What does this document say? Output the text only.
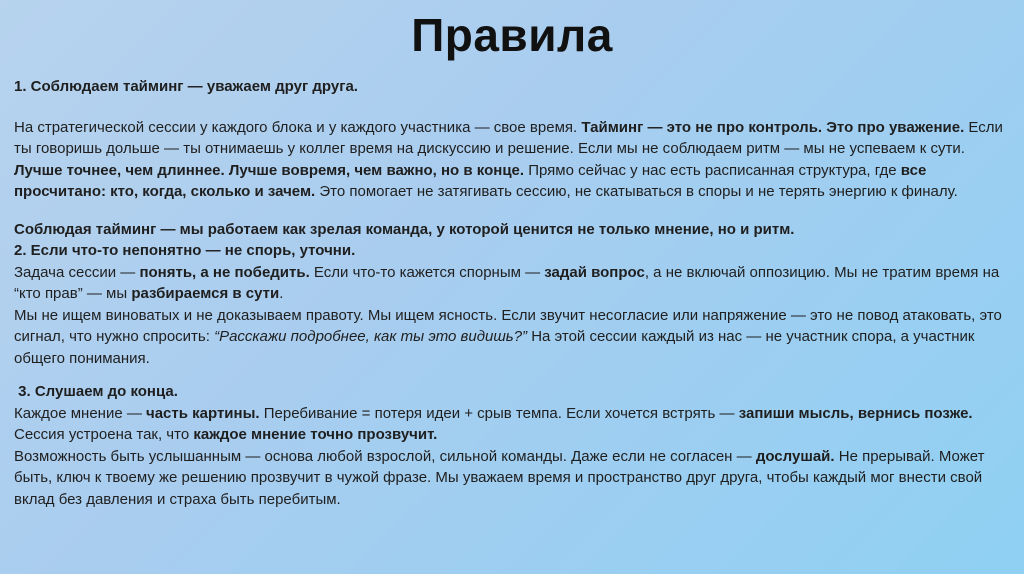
Правила

1. Соблюдаем тайминг — уважаем друг друга.

На стратегической сессии у каждого блока и у каждого участника — свое время. Тайминг — это не про контроль. Это про уважение. Если ты говоришь дольше — ты отнимаешь у коллег время на дискуссию и решение. Если мы не соблюдаем ритм — мы не успеваем к сути. Лучше точнее, чем длиннее. Лучше вовремя, чем важно, но в конце. Прямо сейчас у нас есть расписанная структура, где все просчитано: кто, когда, сколько и зачем. Это помогает не затягивать сессию, не скатываться в споры и не терять энергию к финалу.

Соблюдая тайминг — мы работаем как зрелая команда, у которой ценится не только мнение, но и ритм.

2. Если что-то непонятно — не спорь, уточни.

Задача сессии — понять, а не победить. Если что-то кажется спорным — задай вопрос, а не включай оппозицию. Мы не тратим время на “кто прав” — мы разбираемся в сути.

Мы не ищем виноватых и не доказываем правоту. Мы ищем ясность. Если звучит несогласие или напряжение — это не повод атаковать, это сигнал, что нужно спросить: “Расскажи подробнее, как ты это видишь?” На этой сессии каждый из нас — не участник спора, а участник общего понимания.

3. Слушаем до конца.

Каждое мнение — часть картины. Перебивание = потеря идеи + срыв темпа. Если хочется встрять — запиши мысль, вернись позже. Сессия устроена так, что каждое мнение точно прозвучит.

Возможность быть услышанным — основа любой взрослой, сильной команды. Даже если не согласен — дослушай. Не прерывай. Может быть, ключ к твоему же решению прозвучит в чужой фразе. Мы уважаем время и пространство друг друга, чтобы каждый мог внести свой вклад без давления и страха быть перебитым.
